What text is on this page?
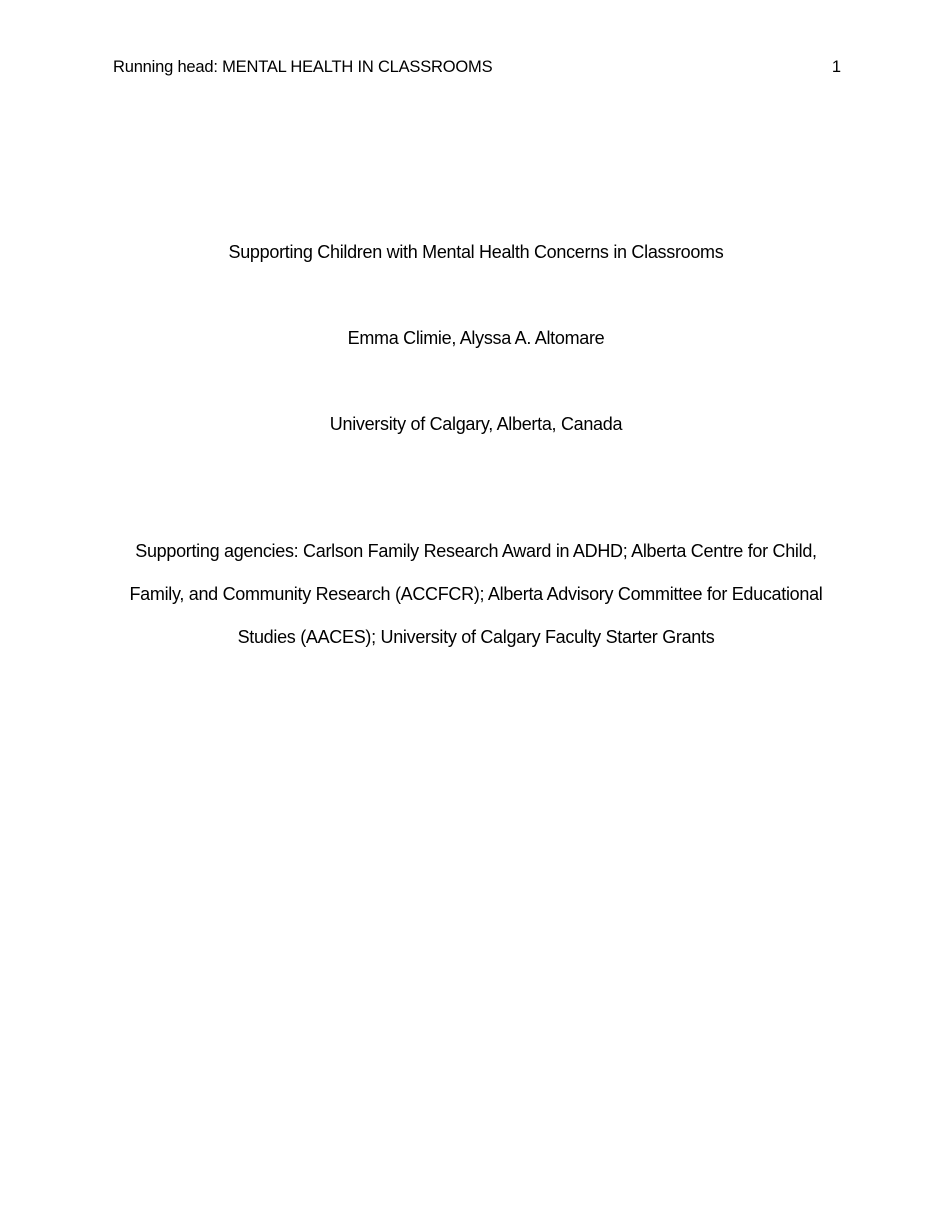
Running head: MENTAL HEALTH IN CLASSROOMS	1
Supporting Children with Mental Health Concerns in Classrooms
Emma Climie, Alyssa A. Altomare
University of Calgary, Alberta, Canada
Supporting agencies: Carlson Family Research Award in ADHD; Alberta Centre for Child, Family, and Community Research (ACCFCR); Alberta Advisory Committee for Educational Studies (AACES); University of Calgary Faculty Starter Grants
